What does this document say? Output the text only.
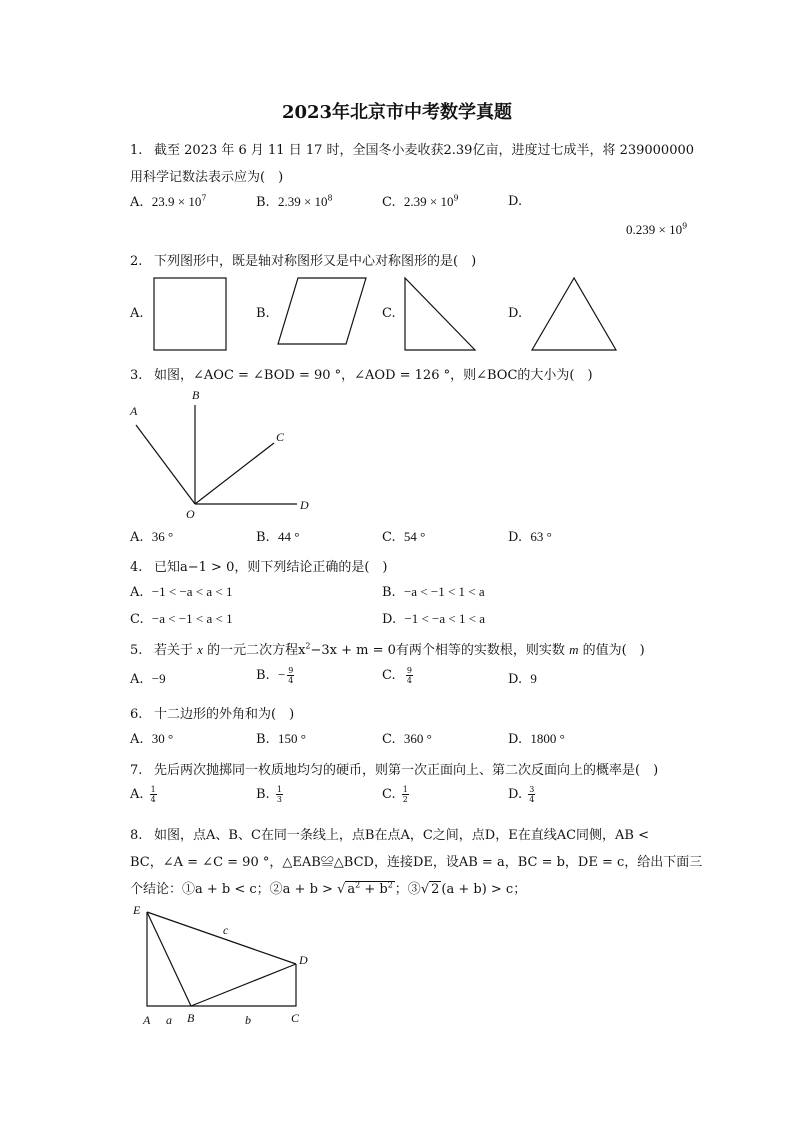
2023年北京市中考数学真题
1. 截至 2023 年 6 月 11 日 17 时，全国冬小麦收获2.39亿亩，进度过七成半，将 239000000
用科学记数法表示应为(　)
A. $23.9 \times 10^7$	B. $2.39 \times 10^8$	C. $2.39 \times 10^9$	D.
$0.239 \times 10^9$
2. 下列图形中，既是轴对称图形又是中心对称图形的是(　)
A.	B.	C.	D.
3. 如图，∠AOC = ∠BOD = 90 °，∠AOD = 126 °，则∠BOC的大小为(　)
A
B
C
D
O
A. 36 °	B. 44 °	C. 54 °	D. 63 °
4. 已知a−1 > 0，则下列结论正确的是(　)
A. −1 < −a < a < 1	B. −a < −1 < 1 < a
C. −a < −1 < a < 1	D. −1 < −a < 1 < a
5. 若关于 x 的一元二次方程$x^2-3x + m = 0$有两个相等的实数根，则实数 m 的值为(　)
A. −9	B. − $\frac{9}{4}$	C. $\frac{9}{4}$	D. 9
6. 十二边形的外角和为(　)
A. 30 °	B. 150 °	C. 360 °	D. 1800 °
7. 先后两次抛掷同一枚质地均匀的硬币，则第一次正面向上、第二次反面向上的概率是(　)
A. $\frac{1}{4}$	B. $\frac{1}{3}$	C. $\frac{1}{2}$	D. $\frac{3}{4}$
8. 如图，点A、B、C在同一条线上，点B在点A，C之间，点D，E在直线AC同侧，AB <
BC，∠A = ∠C = 90 °，△EAB≌△BCD，连接DE，设AB = a，BC = b，DE = c，给出下面三
个结论：①a + b < c；②a + b > √ $a^2 + b^2$ ；③√ 2 (a + b) > c；
E
c
D
A a B	b	C
